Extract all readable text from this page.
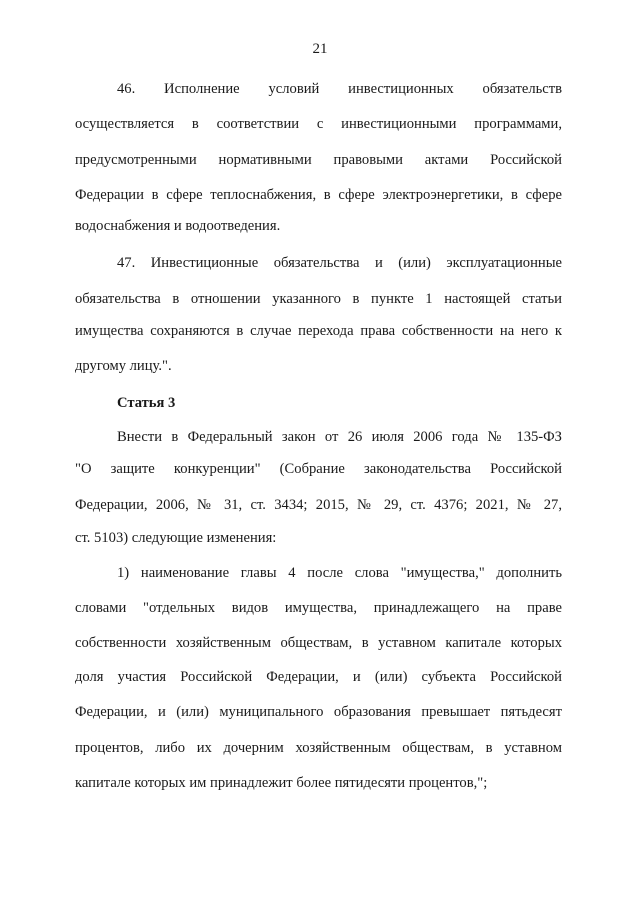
21
46. Исполнение условий инвестиционных обязательств
осуществляется в соответствии с инвестиционными программами,
предусмотренными нормативными правовыми актами Российской
Федерации в сфере теплоснабжения, в сфере электроэнергетики, в сфере
водоснабжения и водоотведения.
47. Инвестиционные обязательства и (или) эксплуатационные
обязательства в отношении указанного в пункте 1 настоящей статьи
имущества сохраняются в случае перехода права собственности на него к
другому лицу.".
Статья 3
Внести в Федеральный закон от 26 июля 2006 года № 135-ФЗ
"О защите конкуренции" (Собрание законодательства Российской
Федерации, 2006, № 31, ст. 3434; 2015, № 29, ст. 4376; 2021, № 27,
ст. 5103) следующие изменения:
1) наименование главы 4 после слова "имущества," дополнить
словами "отдельных видов имущества, принадлежащего на праве
собственности хозяйственным обществам, в уставном капитале которых
доля участия Российской Федерации, и (или) субъекта Российской
Федерации, и (или) муниципального образования превышает пятьдесят
процентов, либо их дочерним хозяйственным обществам, в уставном
капитале которых им принадлежит более пятидесяти процентов,";
